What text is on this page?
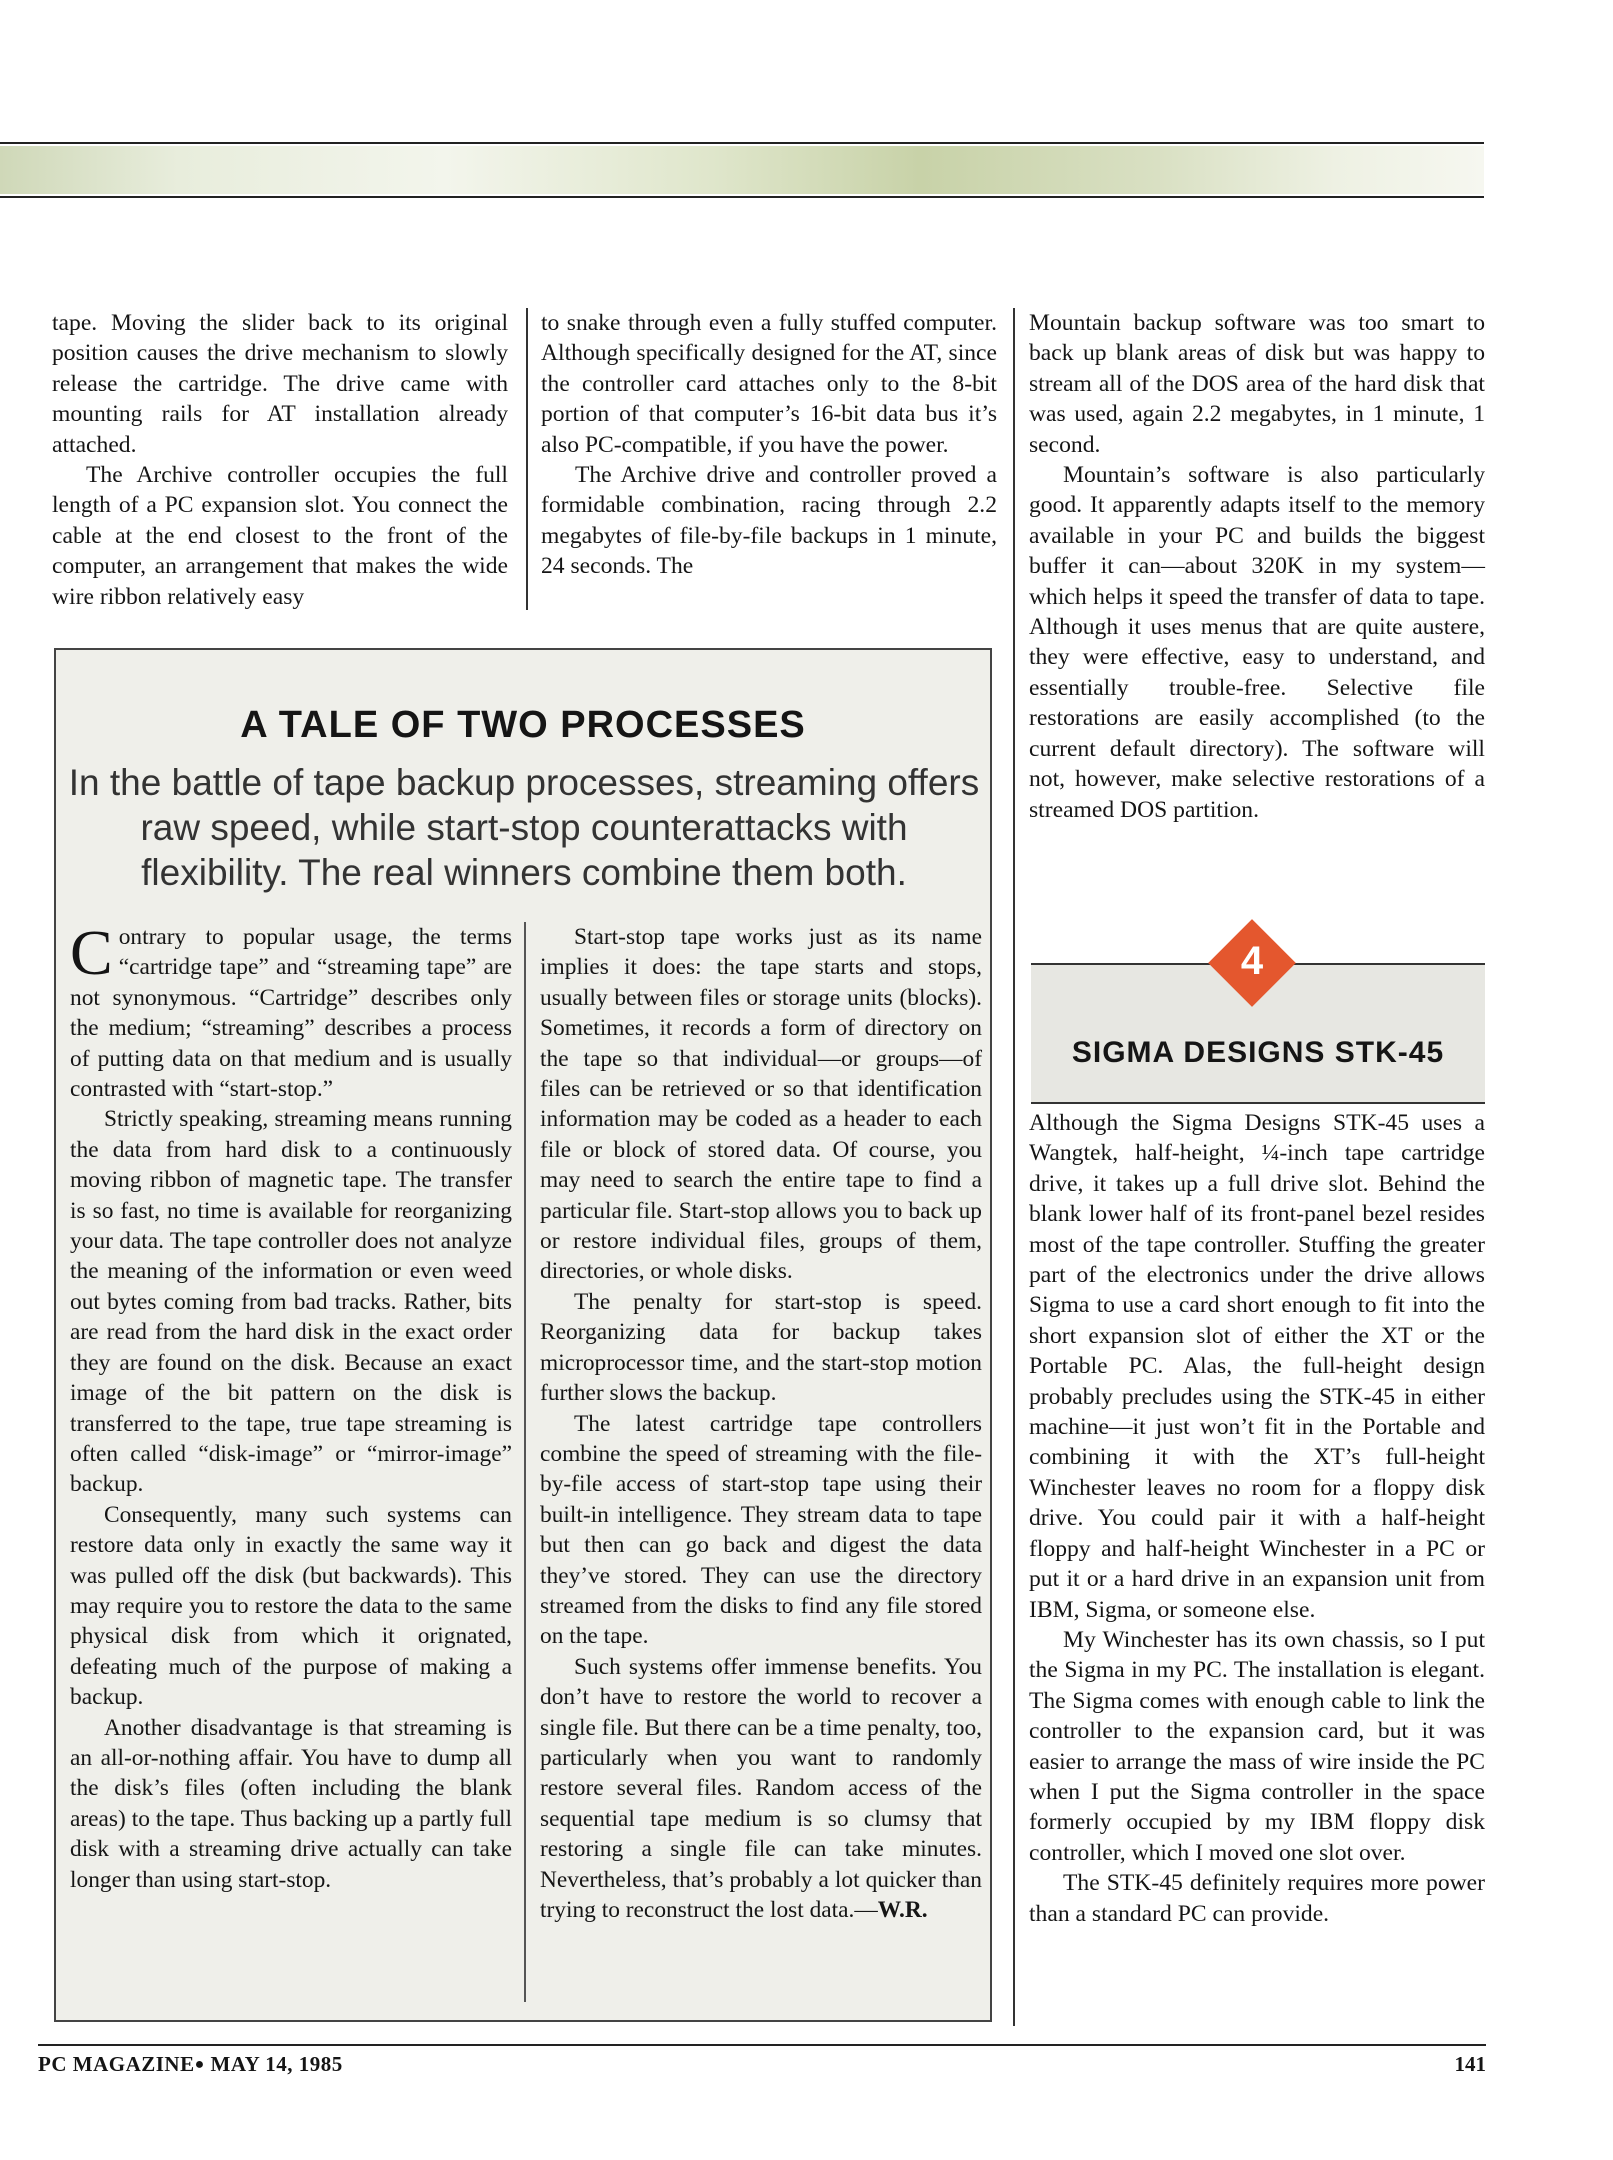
tape. Moving the slider back to its original position causes the drive mechanism to slowly release the cartridge. The drive came with mounting rails for AT installation already attached.

The Archive controller occupies the full length of a PC expansion slot. You connect the cable at the end closest to the front of the computer, an arrangement that makes the wide wire ribbon relatively easy

to snake through even a fully stuffed computer. Although specifically designed for the AT, since the controller card attaches only to the 8-bit portion of that computer’s 16-bit data bus it’s also PC-compatible, if you have the power.

The Archive drive and controller proved a formidable combination, racing through 2.2 megabytes of file-by-file backups in 1 minute, 24 seconds. The

Mountain backup software was too smart to back up blank areas of disk but was happy to stream all of the DOS area of the hard disk that was used, again 2.2 megabytes, in 1 minute, 1 second.

Mountain’s software is also particularly good. It apparently adapts itself to the memory available in your PC and builds the biggest buffer it can—about 320K in my system—which helps it speed the transfer of data to tape. Although it uses menus that are quite austere, they were effective, easy to understand, and essentially trouble-free. Selective file restorations are easily accomplished (to the current default directory). The software will not, however, make selective restorations of a streamed DOS partition.

A TALE OF TWO PROCESSES

In the battle of tape backup processes, streaming offers raw speed, while start-stop counterattacks with flexibility. The real winners combine them both.

Contrary to popular usage, the terms “cartridge tape” and “streaming tape” are not synonymous. “Cartridge” describes only the medium; “streaming” describes a process of putting data on that medium and is usually contrasted with “start-stop.”

Strictly speaking, streaming means running the data from hard disk to a continuously moving ribbon of magnetic tape. The transfer is so fast, no time is available for reorganizing your data. The tape controller does not analyze the meaning of the information or even weed out bytes coming from bad tracks. Rather, bits are read from the hard disk in the exact order they are found on the disk. Because an exact image of the bit pattern on the disk is transferred to the tape, true tape streaming is often called “disk-image” or “mirror-image” backup.

Consequently, many such systems can restore data only in exactly the same way it was pulled off the disk (but backwards). This may require you to restore the data to the same physical disk from which it orignated, defeating much of the purpose of making a backup.

Another disadvantage is that streaming is an all-or-nothing affair. You have to dump all the disk’s files (often including the blank areas) to the tape. Thus backing up a partly full disk with a streaming drive actually can take longer than using start-stop.

Start-stop tape works just as its name implies it does: the tape starts and stops, usually between files or storage units (blocks). Sometimes, it records a form of directory on the tape so that individual—or groups—of files can be retrieved or so that identification information may be coded as a header to each file or block of stored data. Of course, you may need to search the entire tape to find a particular file. Start-stop allows you to back up or restore individual files, groups of them, directories, or whole disks.

The penalty for start-stop is speed. Reorganizing data for backup takes microprocessor time, and the start-stop motion further slows the backup.

The latest cartridge tape controllers combine the speed of streaming with the file-by-file access of start-stop tape using their built-in intelligence. They stream data to tape but then can go back and digest the data they’ve stored. They can use the directory streamed from the disks to find any file stored on the tape.

Such systems offer immense benefits. You don’t have to restore the world to recover a single file. But there can be a time penalty, too, particularly when you want to randomly restore several files. Random access of the sequential tape medium is so clumsy that restoring a single file can take minutes. Nevertheless, that’s probably a lot quicker than trying to reconstruct the lost data.—W.R.

4
SIGMA DESIGNS STK-45

Although the Sigma Designs STK-45 uses a Wangtek, half-height, ¼-inch tape cartridge drive, it takes up a full drive slot. Behind the blank lower half of its front-panel bezel resides most of the tape controller. Stuffing the greater part of the electronics under the drive allows Sigma to use a card short enough to fit into the short expansion slot of either the XT or the Portable PC. Alas, the full-height design probably precludes using the STK-45 in either machine—it just won’t fit in the Portable and combining it with the XT’s full-height Winchester leaves no room for a floppy disk drive. You could pair it with a half-height floppy and half-height Winchester in a PC or put it or a hard drive in an expansion unit from IBM, Sigma, or someone else.

My Winchester has its own chassis, so I put the Sigma in my PC. The installation is elegant. The Sigma comes with enough cable to link the controller to the expansion card, but it was easier to arrange the mass of wire inside the PC when I put the Sigma controller in the space formerly occupied by my IBM floppy disk controller, which I moved one slot over.

The STK-45 definitely requires more power than a standard PC can provide.

PC MAGAZINE● MAY 14, 1985	141
